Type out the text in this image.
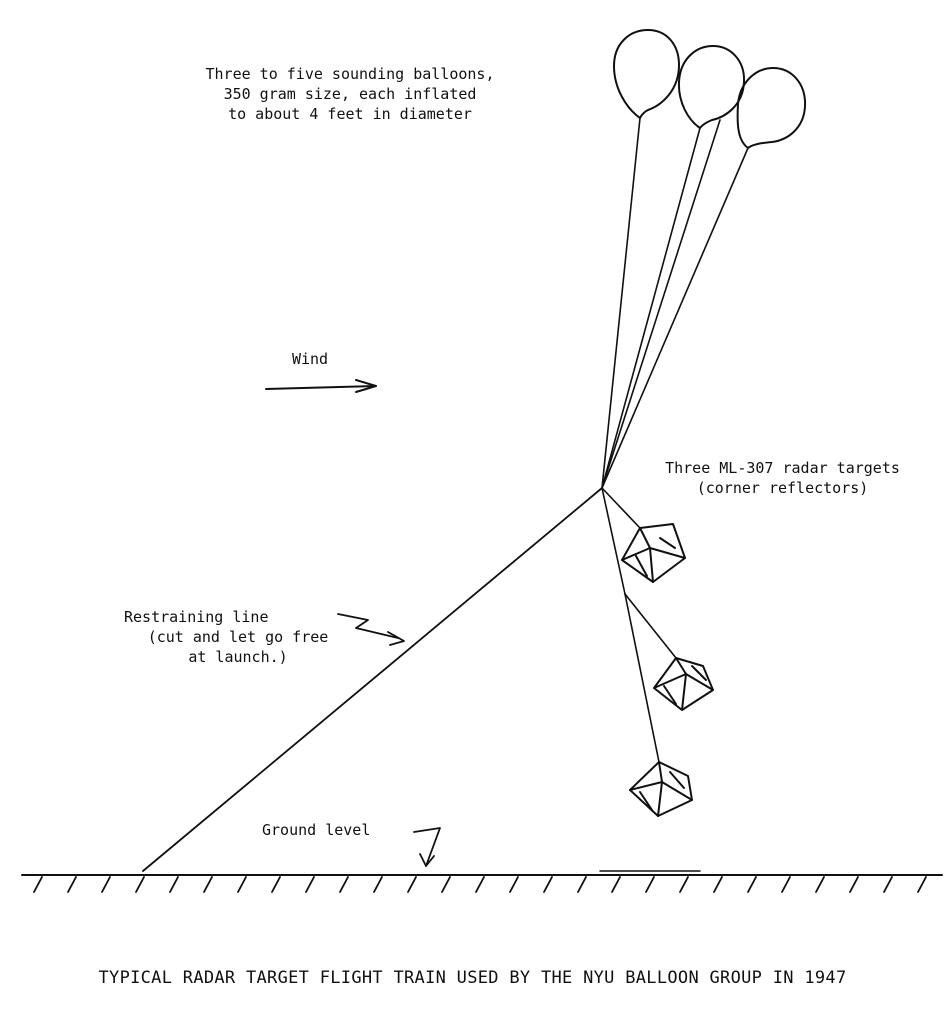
Three to five sounding balloons,
350 gram size, each inflated
to about 4 feet in diameter
Wind
Three ML-307 radar targets
(corner reflectors)
Restraining line
(cut and let go free
at launch.)
Ground level
TYPICAL RADAR TARGET FLIGHT TRAIN USED BY THE NYU BALLOON GROUP IN 1947
